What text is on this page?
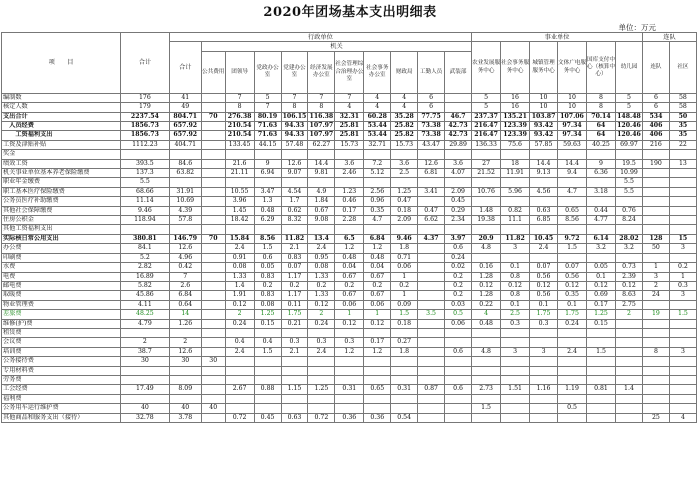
2020年团场基本支出明细表
单位：万元
项　　目	合计	行政单位											事业单位						连队	
		合计	机关										农业发展服务中心	社会事务服务中心	城镇管理服务中心	文体广电服务中心	国库支付中心（核算中心）	幼儿园	连队	社区
			公共费用	团领导	党政办公室	党建办公室	经济发展办公室	社会管理综合治理办公室	社会事务办公室	财政局	工勤人员	武装部								
编制数	176	41		7	5	7	7	7	4	4	6		5	16	10	10	8	5	6	58
核定人数	179	49		8	7	8	8	4	4	4	6		5	16	10	10	8	5	6	58
支出合计	2237.54	804.71	70	276.38	80.19	106.15	116.38	32.31	60.28	35.28	77.75	46.7	237.37	135.21	103.87	107.06	70.14	148.48	534	50
　人员经费	1856.73	657.92		210.54	71.63	94.33	107.97	25.81	53.44	25.82	73.38	42.73	216.47	123.39	93.42	97.34	64	120.46	406	35
　　工资福利支出	1856.73	657.92		210.54	71.63	94.33	107.97	25.81	53.44	25.82	73.38	42.73	216.47	123.39	93.42	97.34	64	120.46	406	35
工资及津贴补贴	1112.23	404.71		133.45	44.15	57.48	62.27	15.73	32.71	15.73	43.47	29.89	136.33	75.6	57.85	59.63	40.25	69.97	216	22
奖金																				
绩效工资	393.5	84.6		21.6	9	12.6	14.4	3.6	7.2	3.6	12.6	3.6	27	18	14.4	14.4	9	19.5	190	13
机关事业单位基本养老保险缴费	137.3	63.82		21.11	6.94	9.07	9.81	2.46	5.12	2.5	6.81	4.07	21.52	11.91	9.13	9.4	6.36	10.99		
职业年金缴费	5.5																	5.5		
职工基本医疗保险缴费	68.66	31.91		10.55	3.47	4.54	4.9	1.23	2.56	1.25	3.41	2.09	10.76	5.96	4.56	4.7	3.18	5.5		
公务员医疗补助缴费	11.14	10.69		3.96	1.3	1.7	1.84	0.46	0.96	0.47		0.45								
其他社会保障缴费	9.46	4.39		1.45	0.48	0.62	0.67	0.17	0.35	0.18	0.47	0.29	1.48	0.82	0.63	0.65	0.44	0.76		
住房公积金	118.94	57.8		18.42	6.29	8.32	9.08	2.28	4.7	2.09	6.62	2.34	19.38	11.1	6.85	8.56	4.77	8.24		
其他工资福利支出																				
实际核日常公用支出	380.81	146.79	70	15.84	8.56	11.82	13.4	6.5	6.84	9.46	4.37	3.97	20.9	11.82	10.45	9.72	6.14	28.02	128	15
办公费	84.1	12.6		2.4	1.5	2.1	2.4	1.2	1.2	1.8		0.6	4.8	3	2.4	1.5	3.2	3.2	50	3
印刷费	5.2	4.96		0.91	0.6	0.83	0.95	0.48	0.48	0.71		0.24								
水费	2.82	0.42		0.08	0.05	0.07	0.08	0.04	0.04	0.06		0.02	0.16	0.1	0.07	0.07	0.05	0.73	1	0.2
电费	16.89	7		1.33	0.83	1.17	1.33	0.67	0.67	1		0.2	1.28	0.8	0.56	0.56	0.1	2.39	3	1
邮电费	5.82	2.6		1.4	0.2	0.2	0.2	0.2	0.2	0.2		0.2	0.12	0.12	0.12	0.12	0.12	0.12	2	0.3
取暖费	45.86	6.84		1.91	0.83	1.17	1.33	0.67	0.67	1		0.2	1.28	0.8	0.56	0.35	0.69	8.63	24	3
物业管理费	4.11	0.64		0.12	0.08	0.11	0.12	0.06	0.06	0.09		0.03	0.22	0.1	0.1	0.1	0.17	2.75		
差旅费	48.25	14		2	1.25	1.75	2	1	1	1.5	3.5	0.5	4	2.5	1.75	1.75	1.25	2	19	1.5
维修(护)费	4.79	1.26		0.24	0.15	0.21	0.24	0.12	0.12	0.18		0.06	0.48	0.3	0.3	0.24	0.15			
租赁费																				
会议费	2	2		0.4	0.4	0.3	0.3	0.3	0.17	0.27										
培训费	38.7	12.6		2.4	1.5	2.1	2.4	1.2	1.2	1.8		0.6	4.8	3	3	2.4	1.5		8	3
公务接待费	30	30	30																	
专用材料费																				
劳务费																				
工会经费	17.49	8.09		2.67	0.88	1.15	1.25	0.31	0.65	0.31	0.87	0.6	2.73	1.51	1.16	1.19	0.81	1.4		
福利费																				
公务用车运行维护费	40	40	40										1.5			0.5				
其他商品和服务支出（接待）	32.78	3.78		0.72	0.45	0.63	0.72	0.36	0.36	0.54									25	4
